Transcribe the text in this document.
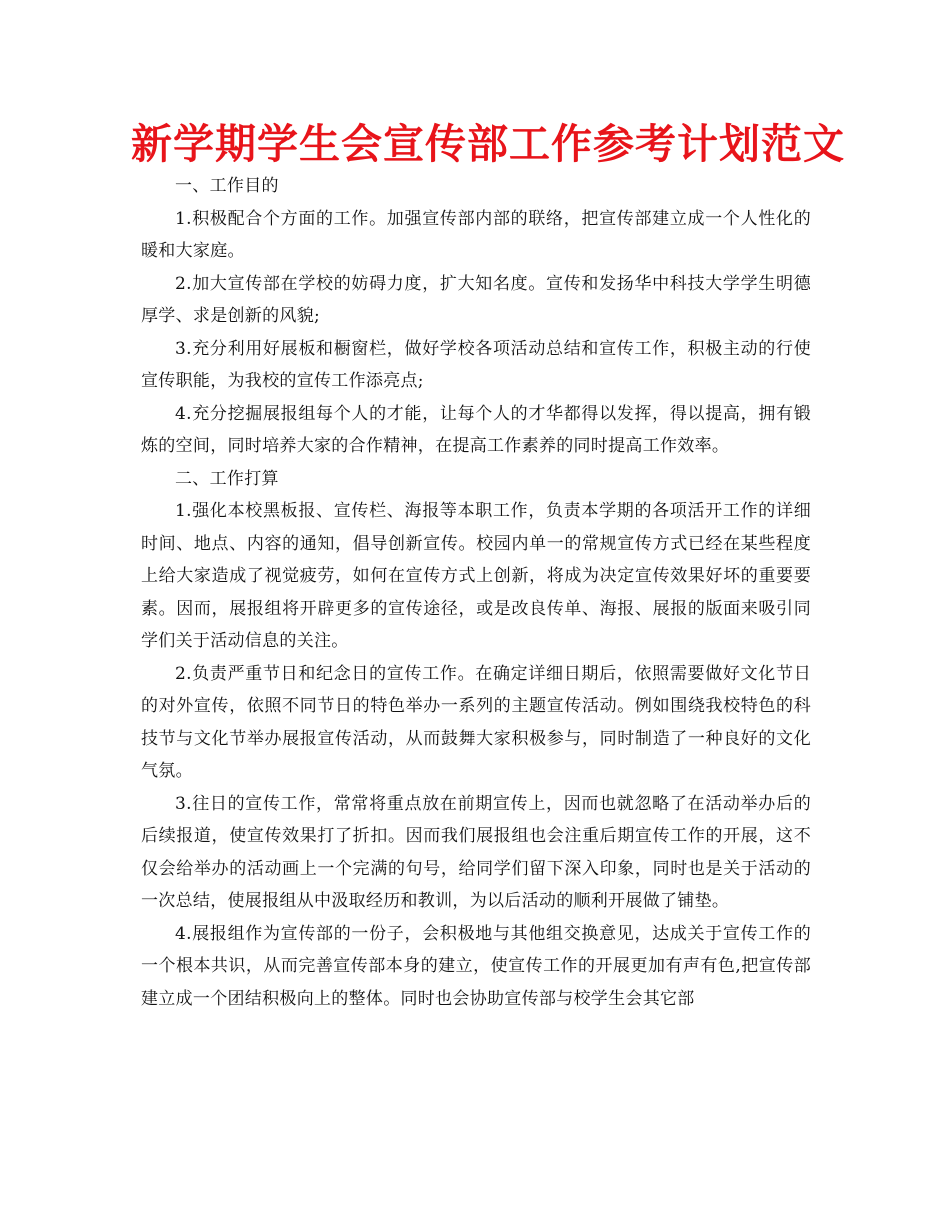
新学期学生会宣传部工作参考计划范文

一、工作目的

1.积极配合个方面的工作。加强宣传部内部的联络，把宣传部建立成一个人性化的暖和大家庭。

2.加大宣传部在学校的妨碍力度，扩大知名度。宣传和发扬华中科技大学学生明德厚学、求是创新的风貌;

3.充分利用好展板和橱窗栏，做好学校各项活动总结和宣传工作，积极主动的行使宣传职能，为我校的宣传工作添亮点;

4.充分挖掘展报组每个人的才能，让每个人的才华都得以发挥，得以提高，拥有锻炼的空间，同时培养大家的合作精神，在提高工作素养的同时提高工作效率。

二、工作打算

1.强化本校黑板报、宣传栏、海报等本职工作，负责本学期的各项活开工作的详细时间、地点、内容的通知，倡导创新宣传。校园内单一的常规宣传方式已经在某些程度上给大家造成了视觉疲劳，如何在宣传方式上创新，将成为决定宣传效果好坏的重要要素。因而，展报组将开辟更多的宣传途径，或是改良传单、海报、展报的版面来吸引同学们关于活动信息的关注。

2.负责严重节日和纪念日的宣传工作。在确定详细日期后，依照需要做好文化节日的对外宣传，依照不同节日的特色举办一系列的主题宣传活动。例如围绕我校特色的科技节与文化节举办展报宣传活动，从而鼓舞大家积极参与，同时制造了一种良好的文化气氛。

3.往日的宣传工作，常常将重点放在前期宣传上，因而也就忽略了在活动举办后的后续报道，使宣传效果打了折扣。因而我们展报组也会注重后期宣传工作的开展，这不仅会给举办的活动画上一个完满的句号，给同学们留下深入印象，同时也是关于活动的一次总结，使展报组从中汲取经历和教训，为以后活动的顺利开展做了铺垫。

4.展报组作为宣传部的一份子，会积极地与其他组交换意见，达成关于宣传工作的一个根本共识，从而完善宣传部本身的建立，使宣传工作的开展更加有声有色,把宣传部建立成一个团结积极向上的整体。同时也会协助宣传部与校学生会其它部
